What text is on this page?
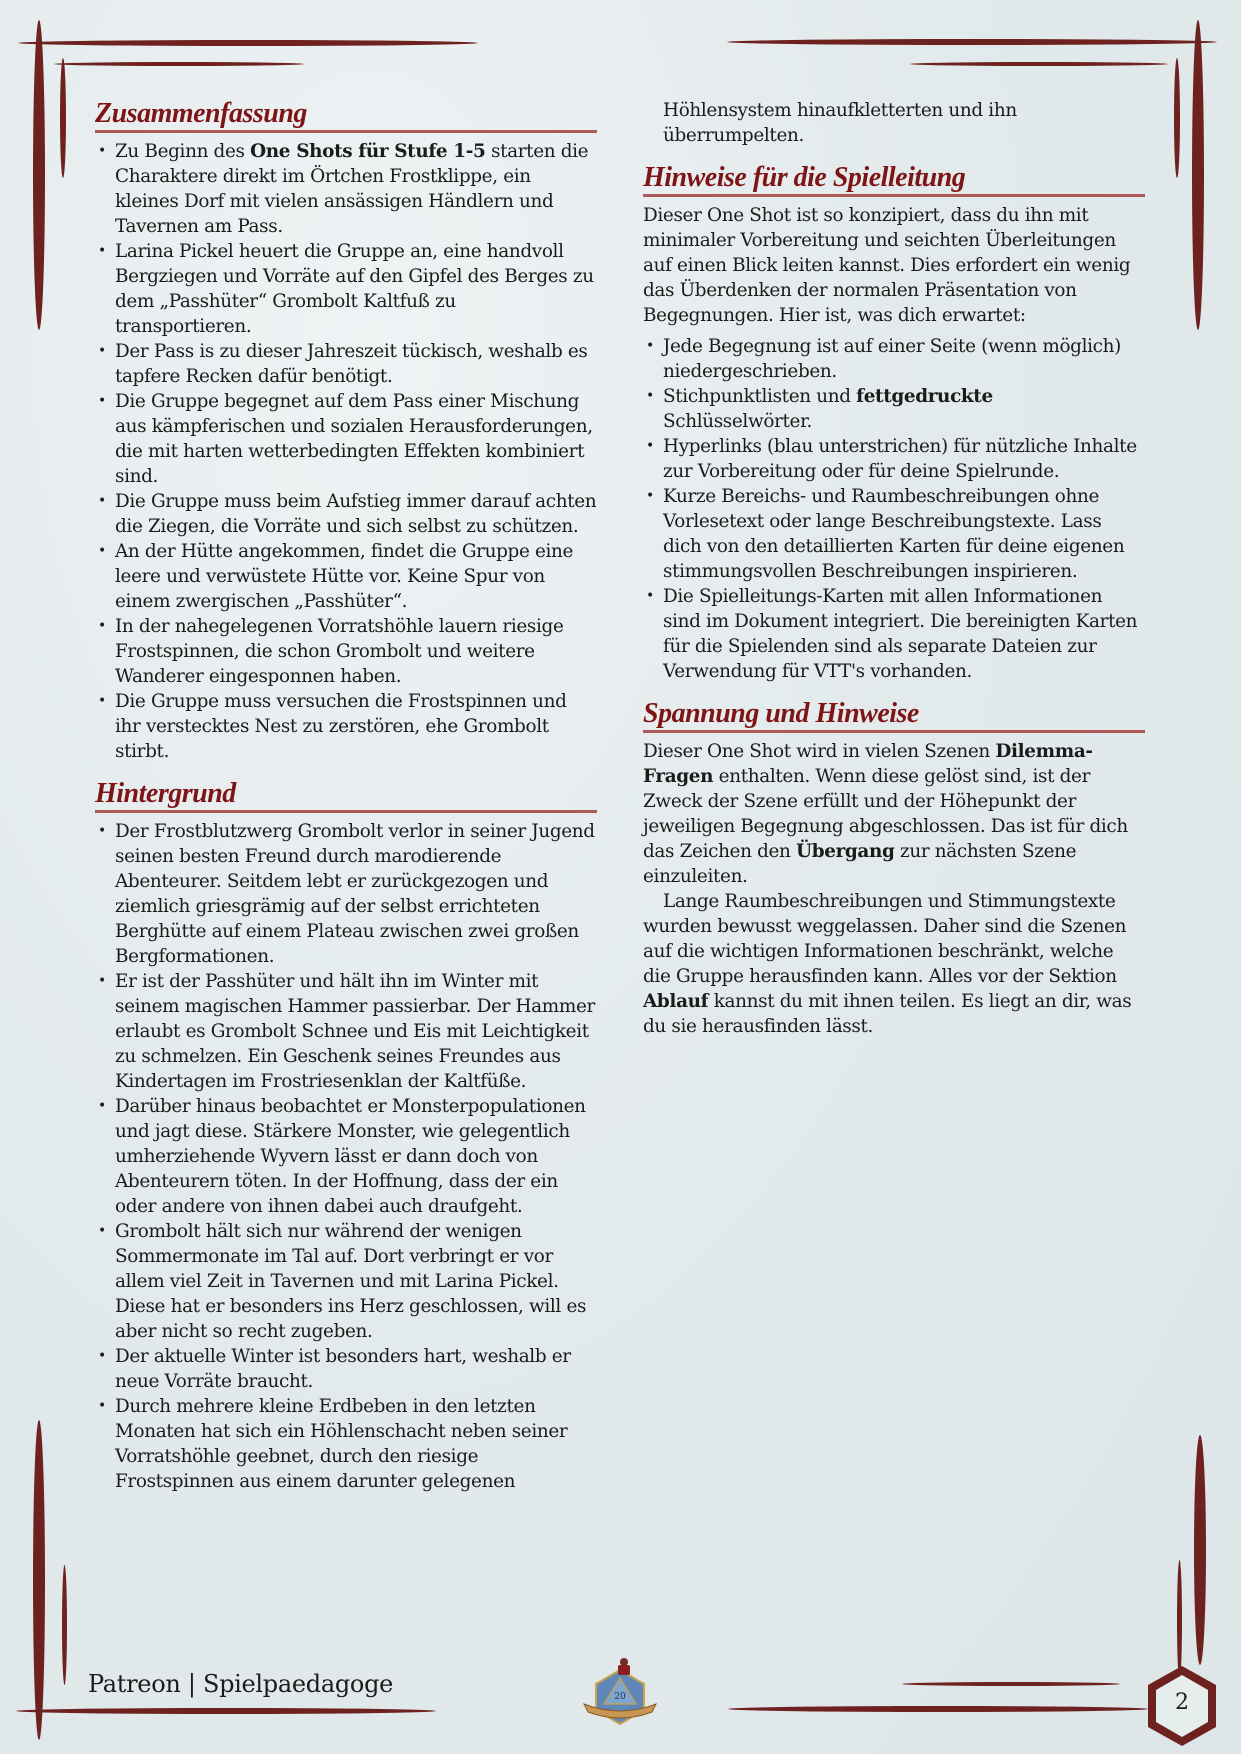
Zusammenfassung
• Zu Beginn des One Shots für Stufe 1-5 starten die Charaktere direkt im Örtchen Frostklippe, ein kleines Dorf mit vielen ansässigen Händlern und Tavernen am Pass.
• Larina Pickel heuert die Gruppe an, eine handvoll Bergziegen und Vorräte auf den Gipfel des Berges zu dem „Passhüter“ Grombolt Kaltfuß zu transportieren.
• Der Pass is zu dieser Jahreszeit tückisch, weshalb es tapfere Recken dafür benötigt.
• Die Gruppe begegnet auf dem Pass einer Mischung aus kämpferischen und sozialen Herausforderungen, die mit harten wetterbedingten Effekten kombiniert sind.
• Die Gruppe muss beim Aufstieg immer darauf achten die Ziegen, die Vorräte und sich selbst zu schützen.
• An der Hütte angekommen, findet die Gruppe eine leere und verwüstete Hütte vor. Keine Spur von einem zwergischen „Passhüter“.
• In der nahegelegenen Vorratshöhle lauern riesige Frostspinnen, die schon Grombolt und weitere Wanderer eingesponnen haben.
• Die Gruppe muss versuchen die Frostspinnen und ihr verstecktes Nest zu zerstören, ehe Grombolt stirbt.
Hintergrund
• Der Frostblutzwerg Grombolt verlor in seiner Jugend seinen besten Freund durch marodierende Abenteurer. Seitdem lebt er zurückgezogen und ziemlich griesgrämig auf der selbst errichteten Berghütte auf einem Plateau zwischen zwei großen Bergformationen.
• Er ist der Passhüter und hält ihn im Winter mit seinem magischen Hammer passierbar. Der Hammer erlaubt es Grombolt Schnee und Eis mit Leichtigkeit zu schmelzen. Ein Geschenk seines Freundes aus Kindertagen im Frostriesenklan der Kaltfüße.
• Darüber hinaus beobachtet er Monsterpopulationen und jagt diese. Stärkere Monster, wie gelegentlich umherziehende Wyvern lässt er dann doch von Abenteurern töten. In der Hoffnung, dass der ein oder andere von ihnen dabei auch draufgeht.
• Grombolt hält sich nur während der wenigen Sommermonate im Tal auf. Dort verbringt er vor allem viel Zeit in Tavernen und mit Larina Pickel. Diese hat er besonders ins Herz geschlossen, will es aber nicht so recht zugeben.
• Der aktuelle Winter ist besonders hart, weshalb er neue Vorräte braucht.
• Durch mehrere kleine Erdbeben in den letzten Monaten hat sich ein Höhlenschacht neben seiner Vorratshöhle geebnet, durch den riesige Frostspinnen aus einem darunter gelegenen

Höhlensystem hinaufkletterten und ihn überrumpelten.

Hinweise für die Spielleitung

Dieser One Shot ist so konzipiert, dass du ihn mit minimaler Vorbereitung und seichten Überleitungen auf einen Blick leiten kannst. Dies erfordert ein wenig das Überdenken der normalen Präsentation von Begegnungen. Hier ist, was dich erwartet:

• Jede Begegnung ist auf einer Seite (wenn möglich) niedergeschrieben.
• Stichpunktlisten und fettgedruckte Schlüsselwörter.
• Hyperlinks (blau unterstrichen) für nützliche Inhalte zur Vorbereitung oder für deine Spielrunde.
• Kurze Bereichs- und Raumbeschreibungen ohne Vorlesetext oder lange Beschreibungstexte. Lass dich von den detaillierten Karten für deine eigenen stimmungsvollen Beschreibungen inspirieren.
• Die Spielleitungs-Karten mit allen Informationen sind im Dokument integriert. Die bereinigten Karten für die Spielenden sind als separate Dateien zur Verwendung für VTT's vorhanden.
Spannung und Hinweise

Dieser One Shot wird in vielen Szenen Dilemma-Fragen enthalten. Wenn diese gelöst sind, ist der Zweck der Szene erfüllt und der Höhepunkt der jeweiligen Begegnung abgeschlossen. Das ist für dich das Zeichen den Übergang zur nächsten Szene einzuleiten.

Lange Raumbeschreibungen und Stimmungstexte wurden bewusst weggelassen. Daher sind die Szenen auf die wichtigen Informationen beschränkt, welche die Gruppe herausfinden kann. Alles vor der Sektion Ablauf kannst du mit ihnen teilen. Es liegt an dir, was du sie herausfinden lässt.

Patreon | Spielpaedagoge	20	2
